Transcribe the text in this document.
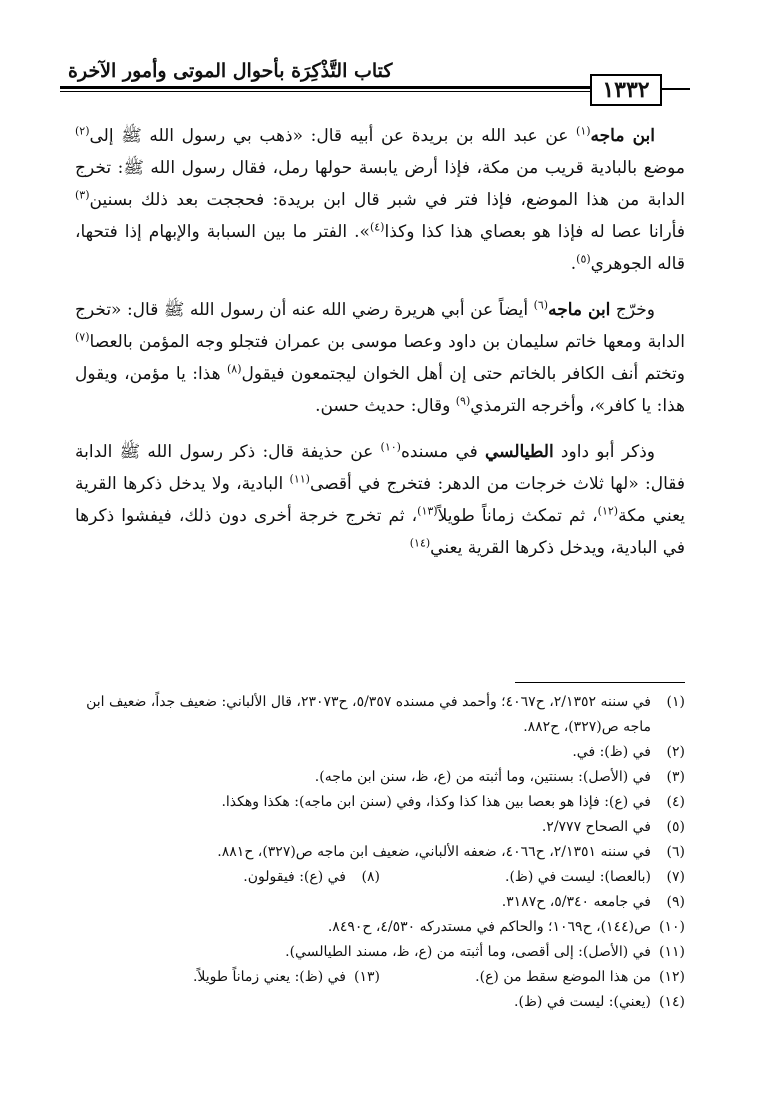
كتاب التَّذْكِرَة بأحوال الموتى وأمور الآخرة
١٣٣٢

ابن ماجه$^{(١)}$ عن عبد الله بن بريدة عن أبيه قال: «ذهب بي رسول الله ﷺ إلى$^{(٢)}$ موضع بالبادية قريب من مكة، فإذا أرض يابسة حولها رمل، فقال رسول الله ﷺ: تخرج الدابة من هذا الموضع، فإذا فتر في شبر قال ابن بريدة: فحججت بعد ذلك بسنين$^{(٣)}$ فأرانا عصا له فإذا هو بعصاي هذا كذا وكذا$^{(٤)}$». الفتر ما بين السبابة والإبهام إذا فتحها، قاله الجوهري$^{(٥)}$.

وخرّج ابن ماجه$^{(٦)}$ أيضاً عن أبي هريرة رضي الله عنه أن رسول الله ﷺ قال: «تخرج الدابة ومعها خاتم سليمان بن داود وعصا موسى بن عمران فتجلو وجه المؤمن بالعصا$^{(٧)}$ وتختم أنف الكافر بالخاتم حتى إن أهل الخوان ليجتمعون فيقول$^{(٨)}$ هذا: يا مؤمن، ويقول هذا: يا كافر»، وأخرجه الترمذي$^{(٩)}$ وقال: حديث حسن.

وذكر أبو داود الطيالسي في مسنده$^{(١٠)}$ عن حذيفة قال: ذكر رسول الله ﷺ الدابة فقال: «لها ثلاث خرجات من الدهر: فتخرج في أقصى$^{(١١)}$ البادية، ولا يدخل ذكرها القرية يعني مكة$^{(١٢)}$، ثم تمكث زماناً طويلاً$^{(١٣)}$، ثم تخرج خرجة أخرى دون ذلك، فيفشوا ذكرها في البادية، ويدخل ذكرها القرية يعني$^{(١٤)}$

(١)
في سننه ٢/١٣٥٢، ح٤٠٦٧؛ وأحمد في مسنده ٥/٣٥٧، ح٢٣٠٧٣، قال الألباني: ضعيف جداً، ضعيف ابن ماجه ص(٣٢٧)، ح٨٨٢.
(٢)
في (ظ): في.
(٣)
في (الأصل): بسنتين، وما أثبته من (ع، ظ، سنن ابن ماجه).
(٤)
في (ع): فإذا هو بعصا بين هذا كذا وكذا، وفي (سنن ابن ماجه): هكذا وهكذا.
(٥)
في الصحاح ٢/٧٧٧.
(٦)
في سننه ٢/١٣٥١، ح٤٠٦٦، ضعفه الألباني، ضعيف ابن ماجه ص(٣٢٧)، ح٨٨١.
(٧)
(بالعصا): ليست في (ظ).
(٨)
في (ع): فيقولون.
(٩)
في جامعه ٥/٣٤٠، ح٣١٨٧.
(١٠)
ص(١٤٤)، ح١٠٦٩؛ والحاكم في مستدركه ٤/٥٣٠، ح٨٤٩٠.
(١١)
في (الأصل): إلى أقصى، وما أثبته من (ع، ظ، مسند الطيالسي).
(١٢)
من هذا الموضع سقط من (ع).
(١٣)
في (ظ): يعني زماناً طويلاً.
(١٤)
(يعني): ليست في (ظ).
